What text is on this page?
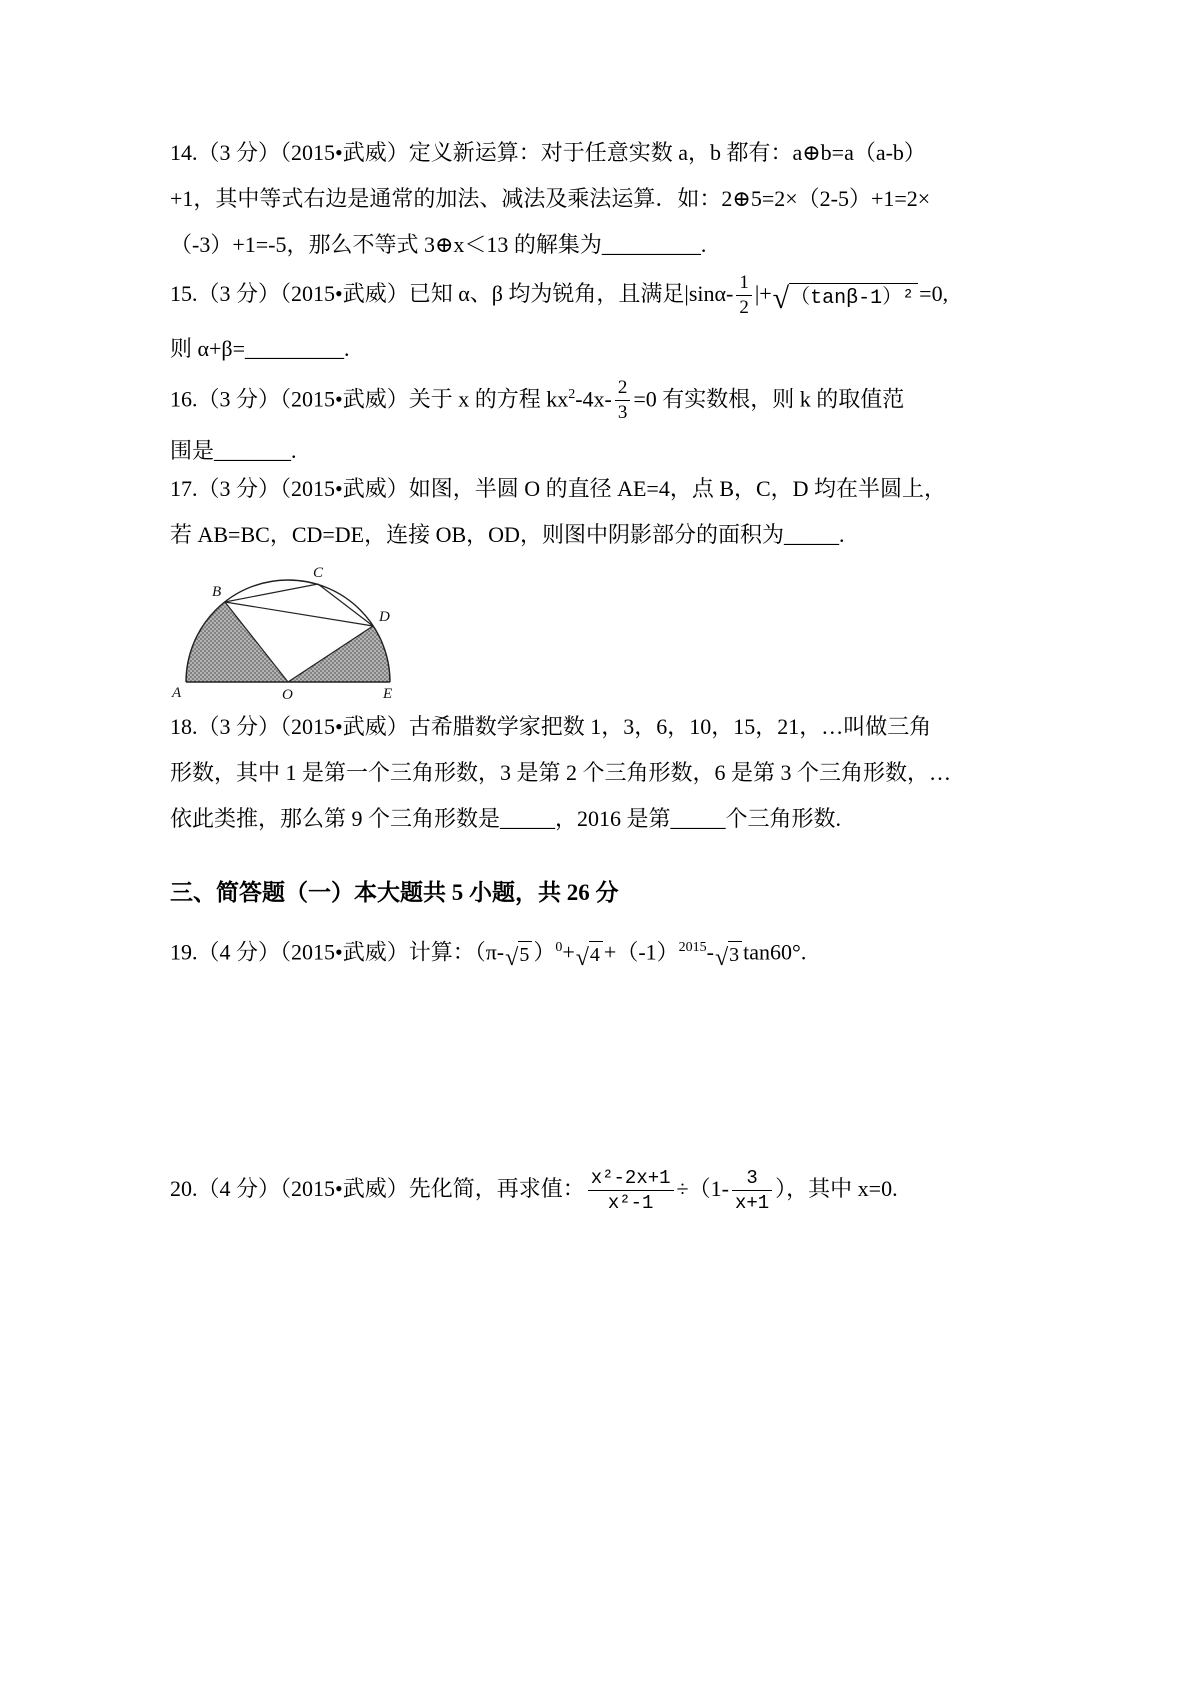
14.（3 分）（2015•武威）定义新运算：对于任意实数 a，b 都有：a⊕b=a（a-b）
+1，其中等式右边是通常的加法、减法及乘法运算．如：2⊕5=2×（2-5）+1=2×
（-3）+1=-5，那么不等式 3⊕x＜13 的解集为_________.
15.（3 分）（2015•武威）已知 α、β 均为锐角，且满足$|\sin\alpha- \frac{1}{2}$ |+ √ （tanβ-1）² =0,
则 α+β=_________.
16.（3 分）（2015•武威）关于 x 的方程 $kx^2-4x- \frac{2}{3} =0$ 有实数根，则 k 的取值范
围是_______.
17.（3 分）（2015•武威）如图，半圆 O 的直径 AE=4，点 B，C，D 均在半圆上，
若 AB=BC，CD=DE，连接 OB，OD，则图中阴影部分的面积为_____.
A
B
C
D
O	E
18.（3 分）（2015•武威）古希腊数学家把数 1，3，6，10，15，21，…叫做三角
形数，其中 1 是第一个三角形数，3 是第 2 个三角形数，6 是第 3 个三角形数，…
依此类推，那么第 9 个三角形数是_____，2016 是第_____个三角形数.
三、简答题（一）本大题共 5 小题，共 26 分
19.（4 分）（2015•武威）计算：（π- √ 5 ）$^0$+ √ $4 +(-1)^{2015}-$ √ 3 tan60°.
20.（4 分）（2015•武威）先化简，再求值： $\frac{\text{x²-2x+1}}{\text{x²-1}} \div(1- \frac{3}{x+1}$ ），其中 x=0.
